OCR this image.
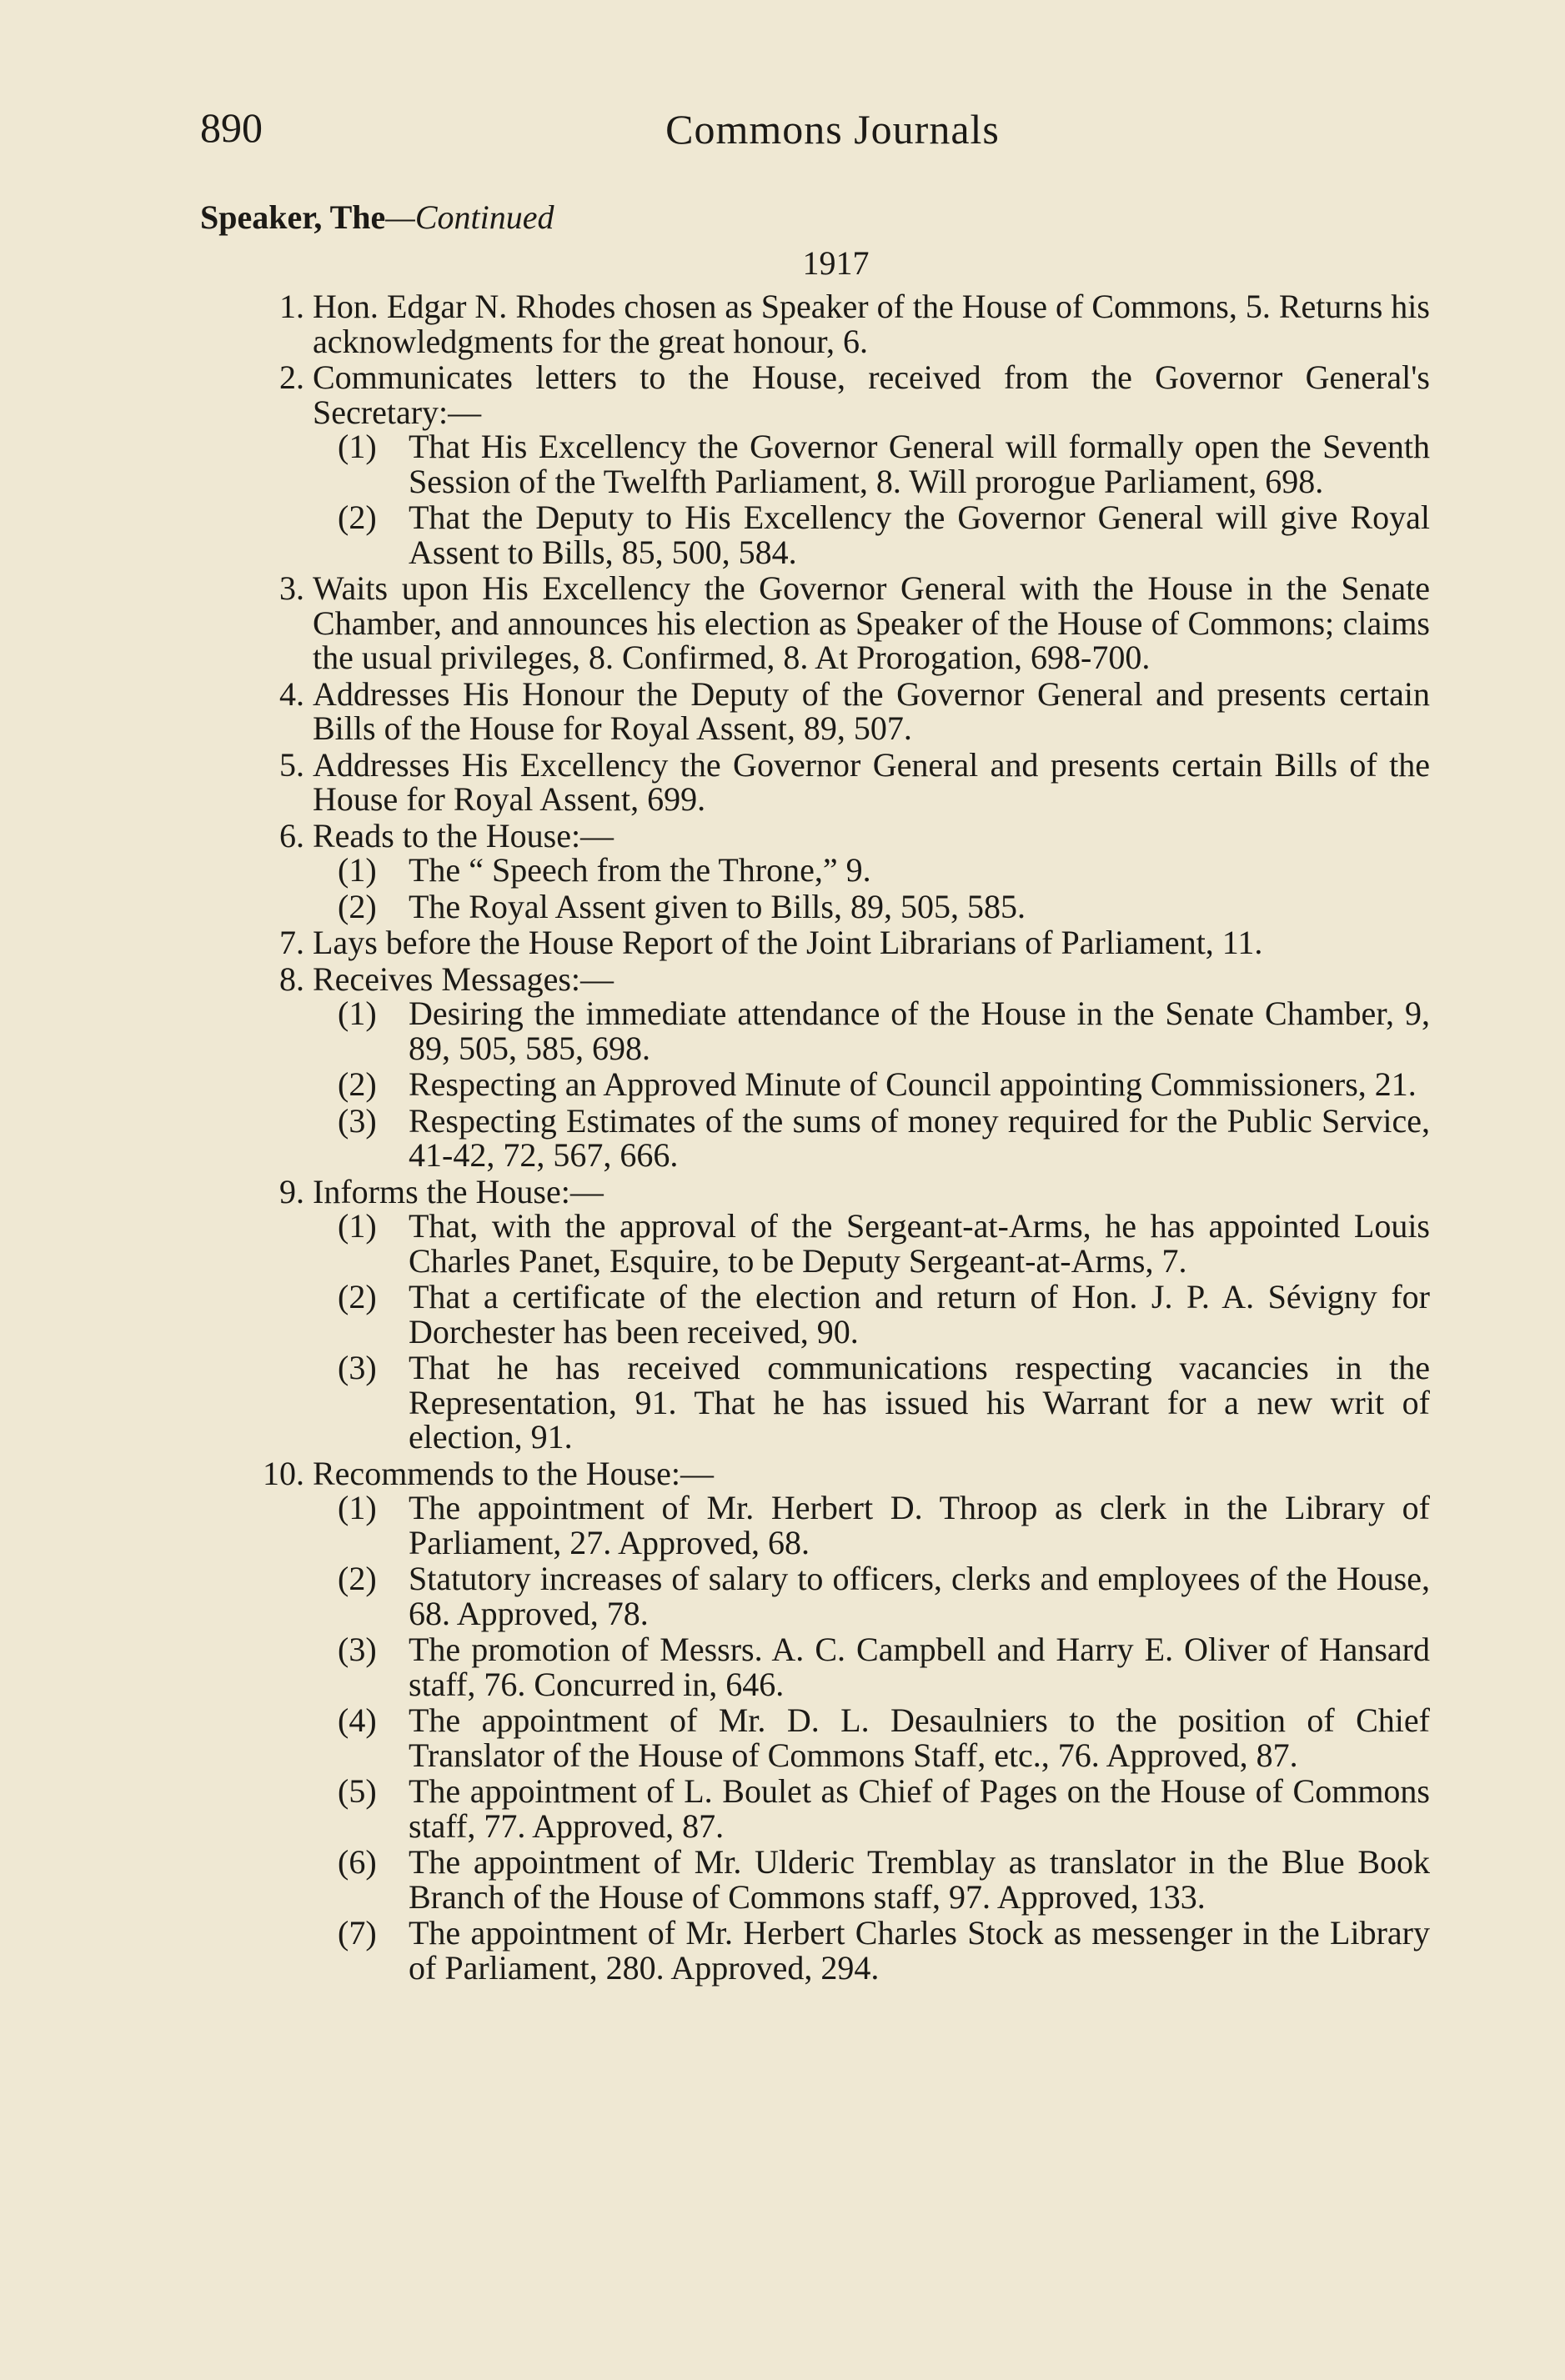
890	Commons Journals
Speaker, The—Continued
1917
1. Hon. Edgar N. Rhodes chosen as Speaker of the House of Commons, 5. Returns his acknowledgments for the great honour, 6.
2. Communicates letters to the House, received from the Governor General's Secretary:—
(1) That His Excellency the Governor General will formally open the Seventh Session of the Twelfth Parliament, 8. Will prorogue Parliament, 698.
(2) That the Deputy to His Excellency the Governor General will give Royal Assent to Bills, 85, 500, 584.
3. Waits upon His Excellency the Governor General with the House in the Senate Chamber, and announces his election as Speaker of the House of Commons; claims the usual privileges, 8. Confirmed, 8. At Prorogation, 698-700.
4. Addresses His Honour the Deputy of the Governor General and presents certain Bills of the House for Royal Assent, 89, 507.
5. Addresses His Excellency the Governor General and presents certain Bills of the House for Royal Assent, 699.
6. Reads to the House:—
(1) The “ Speech from the Throne,” 9.
(2) The Royal Assent given to Bills, 89, 505, 585.
7. Lays before the House Report of the Joint Librarians of Parliament, 11.
8. Receives Messages:—
(1) Desiring the immediate attendance of the House in the Senate Chamber, 9, 89, 505, 585, 698.
(2) Respecting an Approved Minute of Council appointing Commissioners, 21.
(3) Respecting Estimates of the sums of money required for the Public Service, 41-42, 72, 567, 666.
9. Informs the House:—
(1) That, with the approval of the Sergeant-at-Arms, he has appointed Louis Charles Panet, Esquire, to be Deputy Sergeant-at-Arms, 7.
(2) That a certificate of the election and return of Hon. J. P. A. Sévigny for Dorchester has been received, 90.
(3) That he has received communications respecting vacancies in the Representation, 91. That he has issued his Warrant for a new writ of election, 91.
10. Recommends to the House:—
(1) The appointment of Mr. Herbert D. Throop as clerk in the Library of Parliament, 27. Approved, 68.
(2) Statutory increases of salary to officers, clerks and employees of the House, 68. Approved, 78.
(3) The promotion of Messrs. A. C. Campbell and Harry E. Oliver of Hansard staff, 76. Concurred in, 646.
(4) The appointment of Mr. D. L. Desaulniers to the position of Chief Translator of the House of Commons Staff, etc., 76. Approved, 87.
(5) The appointment of L. Boulet as Chief of Pages on the House of Commons staff, 77. Approved, 87.
(6) The appointment of Mr. Ulderic Tremblay as translator in the Blue Book Branch of the House of Commons staff, 97. Approved, 133.
(7) The appointment of Mr. Herbert Charles Stock as messenger in the Library of Parliament, 280. Approved, 294.
